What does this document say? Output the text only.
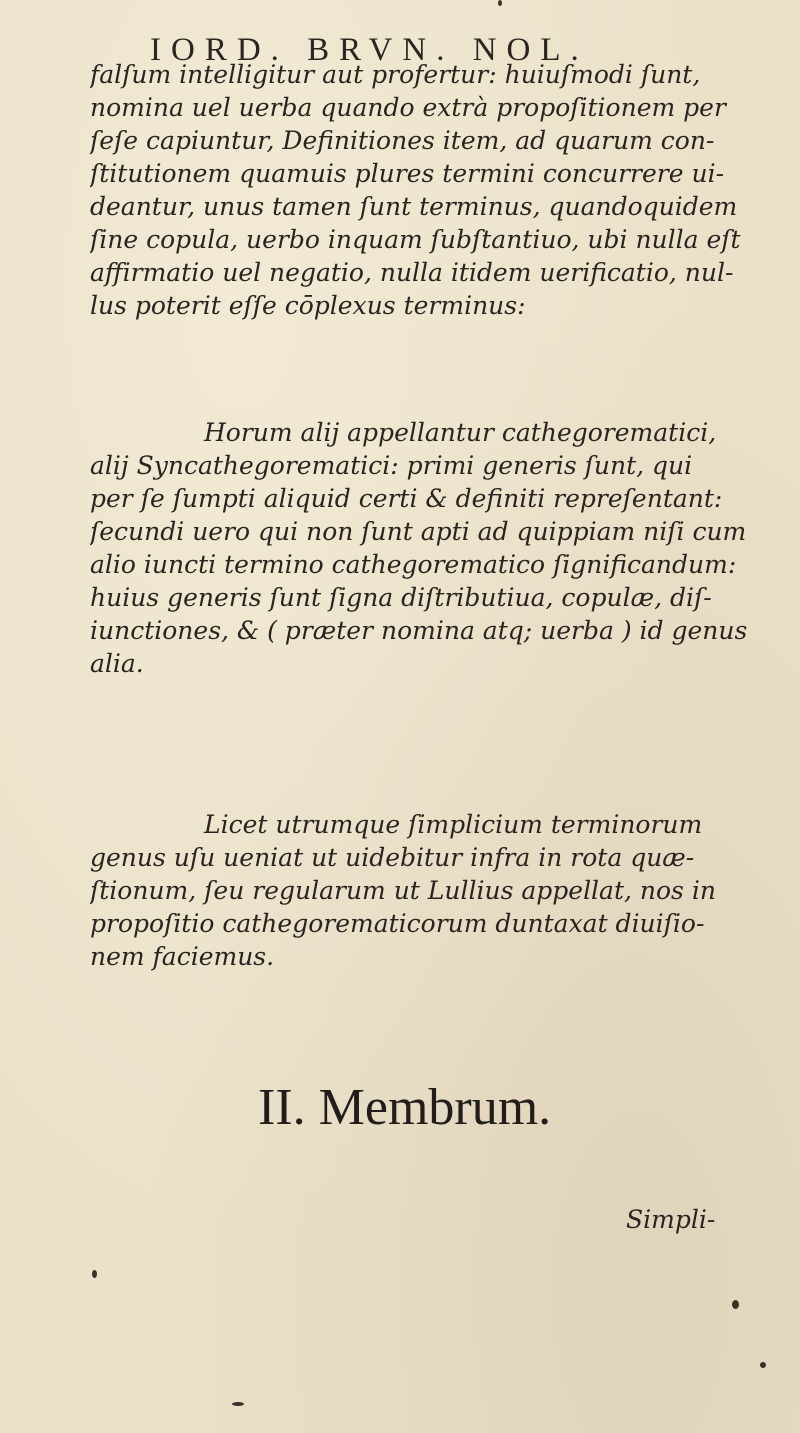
IORD. BRVN. NOL.
falſum intelligitur aut profertur: huiuſmodi ſunt,
nomina uel uerba quando extrà propoſitionem per
ſeſe capiuntur, Definitiones item, ad quarum con‑
ſtitutionem quamuis plures termini concurrere ui‑
deantur, unus tamen ſunt terminus, quandoquidem
ſine copula, uerbo inquam ſubſtantiuo, ubi nulla eſt
affirmatio uel negatio, nulla itidem uerificatio, nul‑
lus poterit eſſe cōplexus terminus:
Horum alij appellantur cathegorematici,
alij Syncathegorematici: primi generis ſunt, qui
per ſe ſumpti aliquid certi & definiti repreſentant:
ſecundi uero qui non ſunt apti ad quippiam niſi cum
alio iuncti termino cathegorematico ſignificandum:
huius generis ſunt ſigna diſtributiua, copulæ, diſ‑
iunctiones, & ( præter nomina atq; uerba ) id genus
alia.
Licet utrumque ſimplicium terminorum
genus uſu ueniat ut uidebitur infra in rota quæ‑
ſtionum, ſeu regularum ut Lullius appellat, nos in
propoſitio cathegorematicorum duntaxat diuiſio‑
nem faciemus.
II. Membrum.
Simpli-
